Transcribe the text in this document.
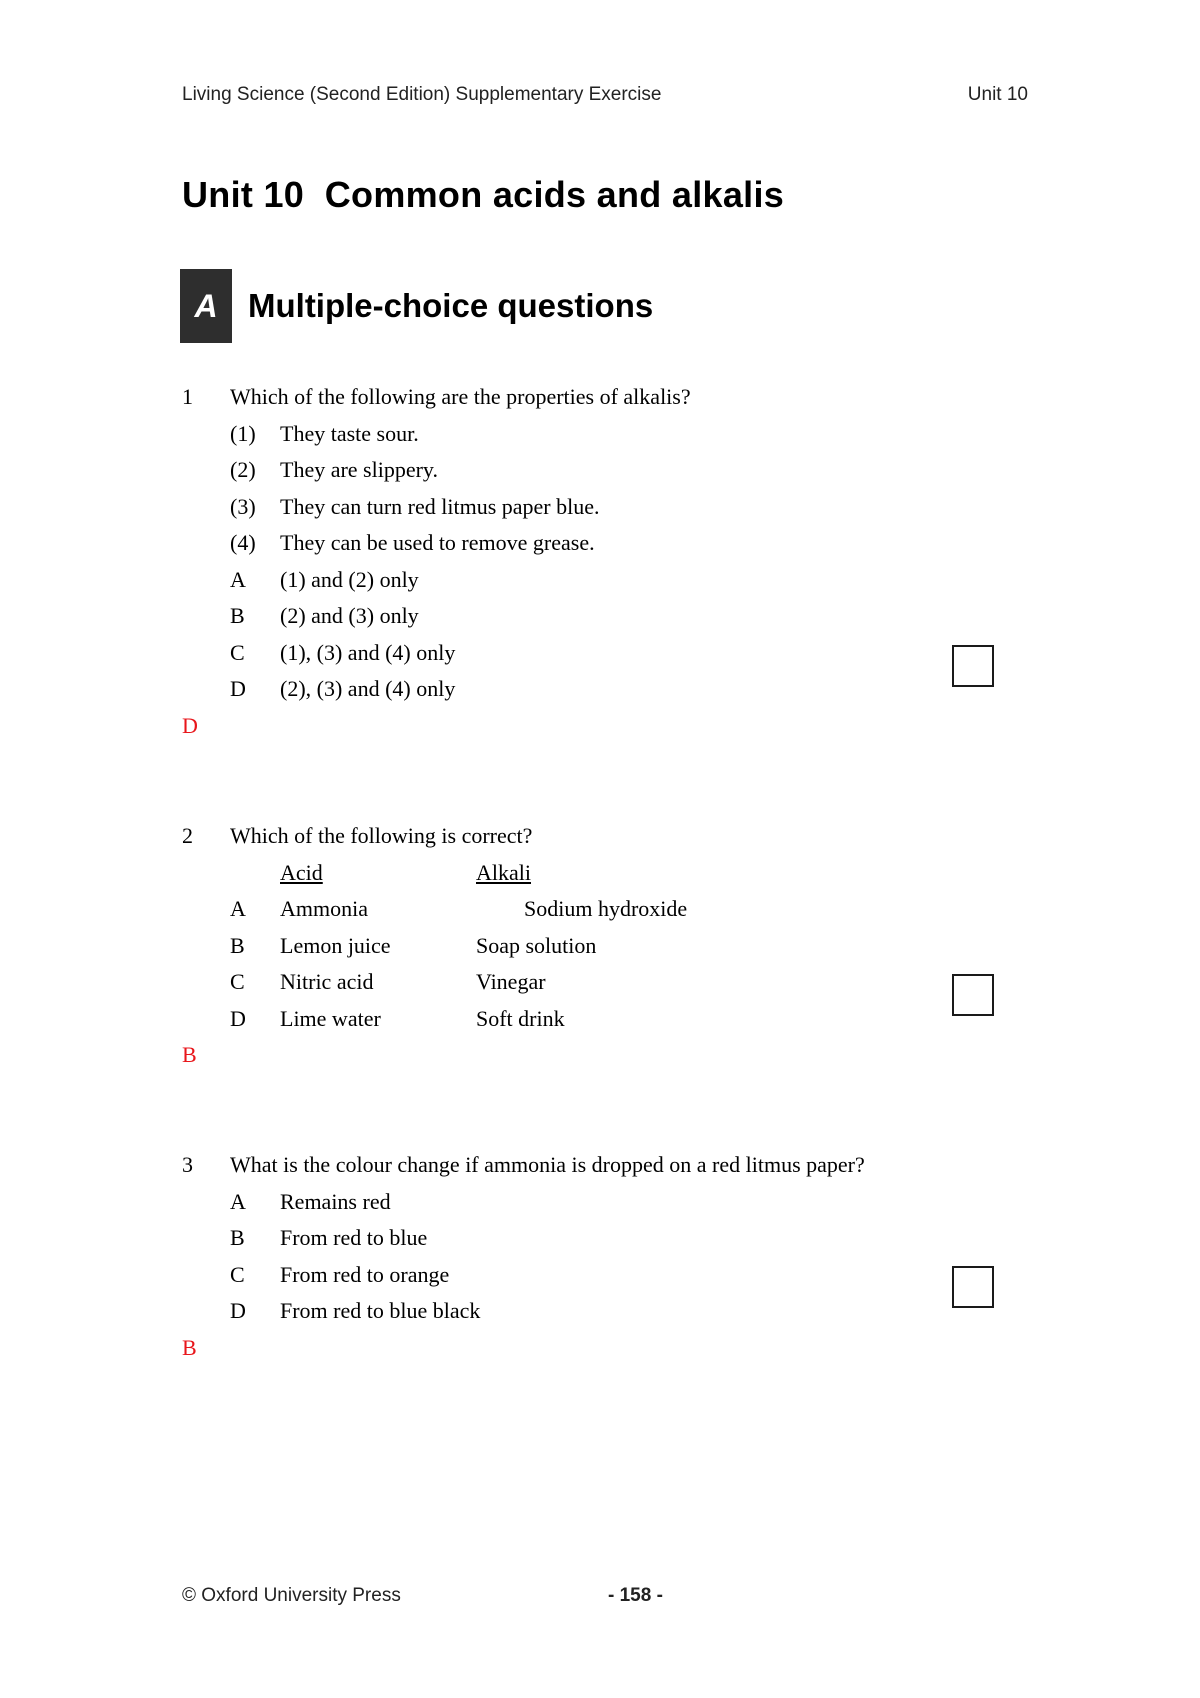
Living Science (Second Edition) Supplementary Exercise	Unit 10
Unit 10  Common acids and alkalis
A Multiple-choice questions
1 Which of the following are the properties of alkalis?
(1) They taste sour.
(2) They are slippery.
(3) They can turn red litmus paper blue.
(4) They can be used to remove grease.
A (1) and (2) only
B (2) and (3) only
C (1), (3) and (4) only
D (2), (3) and (4) only
D
2 Which of the following is correct?
Acid	Alkali
A Ammonia	Sodium hydroxide
B Lemon juice	Soap solution
C Nitric acid	Vinegar
D Lime water	Soft drink
B
3 What is the colour change if ammonia is dropped on a red litmus paper?
A Remains red
B From red to blue
C From red to orange
D From red to blue black
B
© Oxford University Press	- 158 -
